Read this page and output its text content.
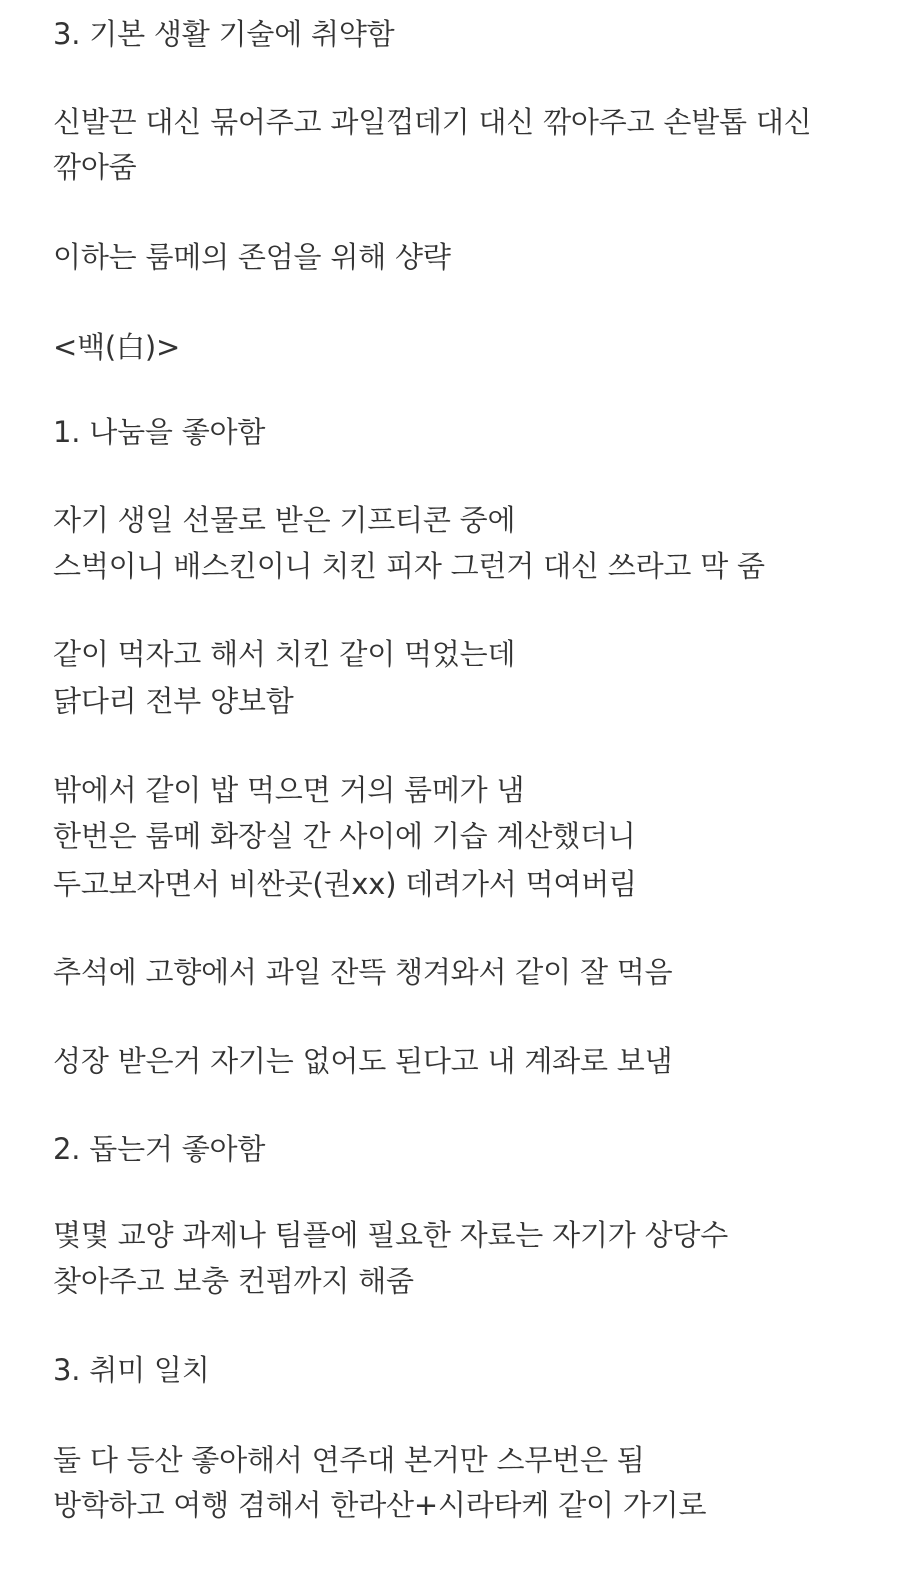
3. 기본 생활 기술에 취약함
신발끈 대신 묶어주고 과일껍데기 대신 깎아주고 손발톱 대신
깎아줌
이하는 룸메의 존엄을 위해 샹략
<백(白)>
1. 나눔을 좋아함
자기 생일 선물로 받은 기프티콘 중에
스벅이니 배스킨이니 치킨 피자 그런거 대신 쓰라고 막 줌
같이 먹자고 해서 치킨 같이 먹었는데
닭다리 전부 양보함
밖에서 같이 밥 먹으면 거의 룸메가 냄
한번은 룸메 화장실 간 사이에 기습 계산했더니
두고보자면서 비싼곳(권xx) 데려가서 먹여버림
추석에 고향에서 과일 잔뜩 챙겨와서 같이 잘 먹음
성장 받은거 자기는 없어도 된다고 내 계좌로 보냄
2. 돕는거 좋아함
몇몇 교양 과제나 팀플에 필요한 자료는 자기가 상당수
찾아주고 보충 컨펌까지 해줌
3. 취미 일치
둘 다 등산 좋아해서 연주대 본거만 스무번은 됨
방학하고 여행 겸해서 한라산+시라타케 같이 가기로
